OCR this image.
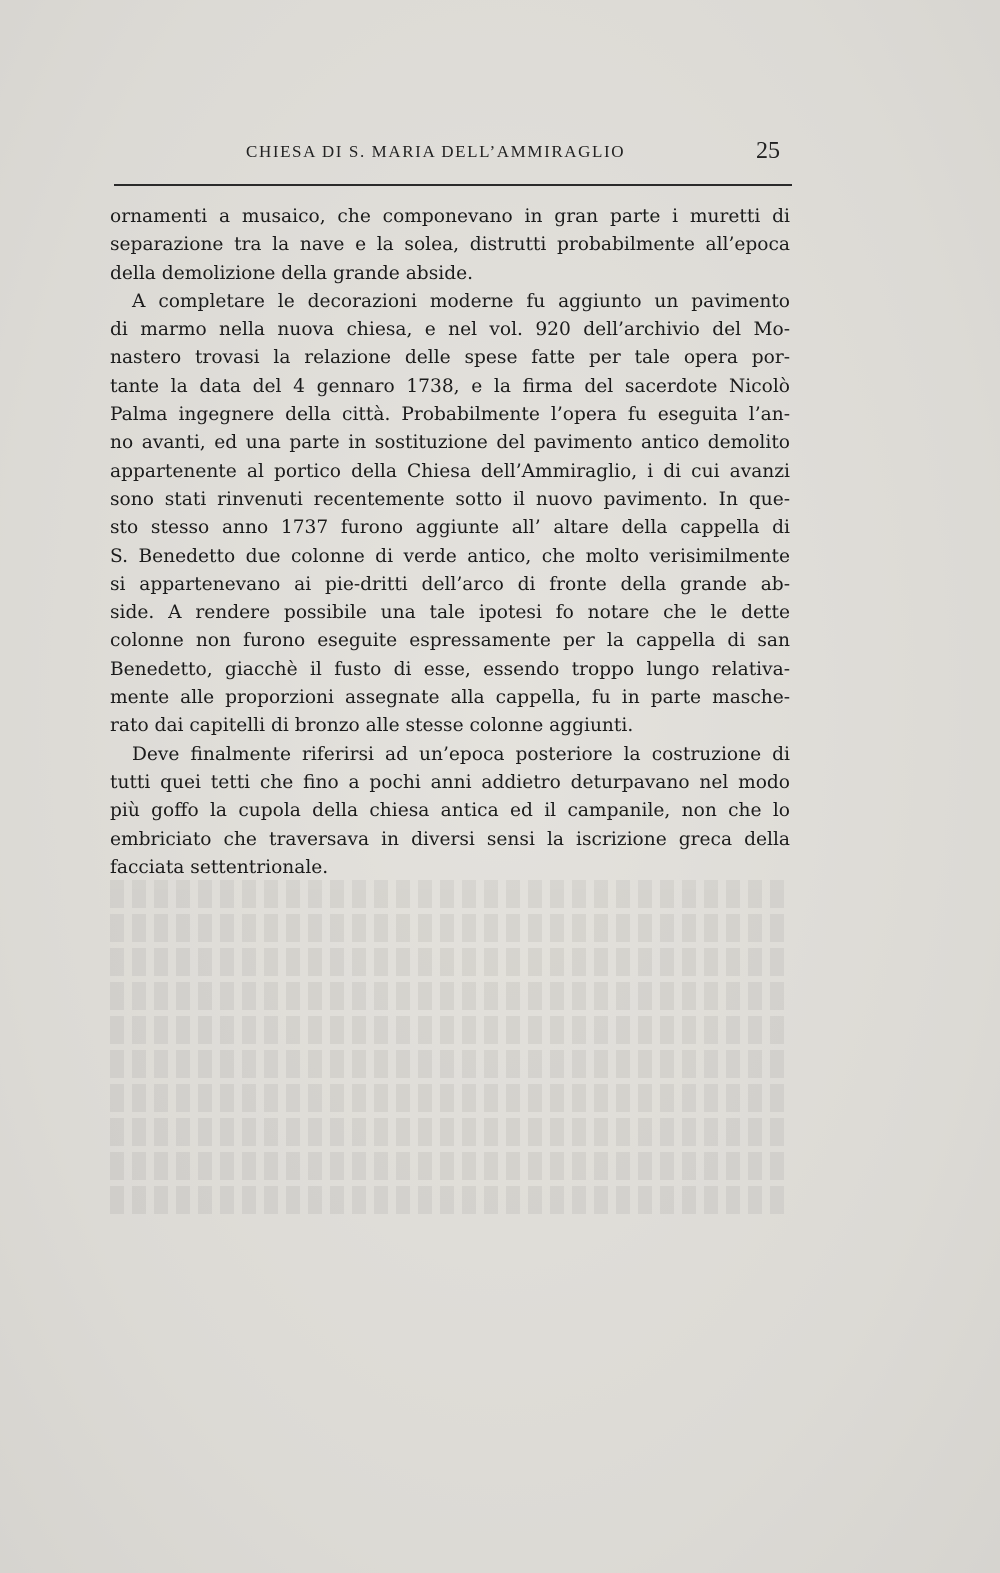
CHIESA DI S. MARIA DELL’AMMIRAGLIO	25
ornamenti a musaico, che componevano in gran parte i muretti di
separazione tra la nave e la solea, distrutti probabilmente all’epoca
della demolizione della grande abside.
A completare le decorazioni moderne fu aggiunto un pavimento
di marmo nella nuova chiesa, e nel vol. 920 dell’archivio del Mo-
nastero trovasi la relazione delle spese fatte per tale opera por-
tante la data del 4 gennaro 1738, e la firma del sacerdote Nicolò
Palma ingegnere della città. Probabilmente l’opera fu eseguita l’an-
no avanti, ed una parte in sostituzione del pavimento antico demolito
appartenente al portico della Chiesa dell’Ammiraglio, i di cui avanzi
sono stati rinvenuti recentemente sotto il nuovo pavimento. In que-
sto stesso anno 1737 furono aggiunte all’ altare della cappella di
S. Benedetto due colonne di verde antico, che molto verisimilmente
si appartenevano ai pie-dritti dell’arco di fronte della grande ab-
side. A rendere possibile una tale ipotesi fo notare che le dette
colonne non furono eseguite espressamente per la cappella di san
Benedetto, giacchè il fusto di esse, essendo troppo lungo relativa-
mente alle proporzioni assegnate alla cappella, fu in parte masche-
rato dai capitelli di bronzo alle stesse colonne aggiunti.
Deve finalmente riferirsi ad un’epoca posteriore la costruzione di
tutti quei tetti che fino a pochi anni addietro deturpavano nel modo
più goffo la cupola della chiesa antica ed il campanile, non che lo
embriciato che traversava in diversi sensi la iscrizione greca della
facciata settentrionale.
